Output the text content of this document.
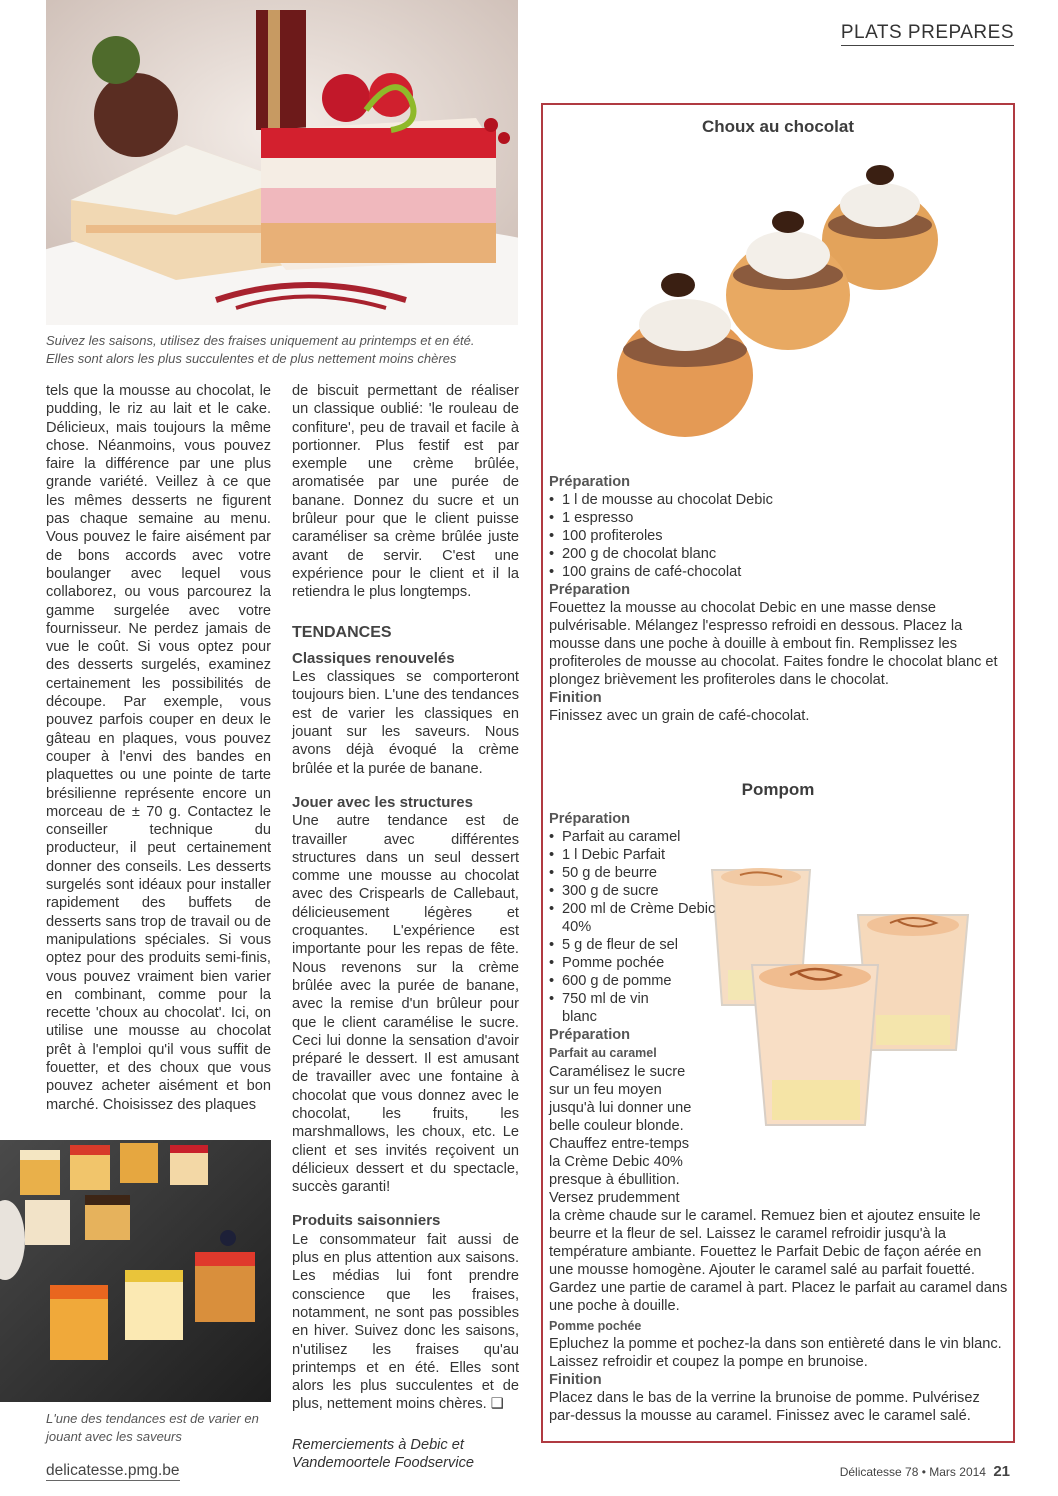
PLATS PREPARES
Suivez les saisons, utilisez des fraises uniquement au printemps et en été. Elles sont alors les plus succulentes et de plus nettement moins chères

tels que la mousse au chocolat, le pudding, le riz au lait et le cake. Délicieux, mais toujours la même chose. Néanmoins, vous pouvez faire la différence par une plus grande variété. Veillez à ce que les mêmes desserts ne figurent pas chaque semaine au menu. Vous pouvez le faire aisément par de bons accords avec votre boulanger avec lequel vous collaborez, ou vous parcourez la gamme surgelée avec votre fournisseur. Ne perdez jamais de vue le coût. Si vous optez pour des desserts surgelés, examinez certainement les possibilités de découpe. Par exemple, vous pouvez parfois couper en deux le gâteau en plaques, vous pouvez couper à l'envi des bandes en plaquettes ou une pointe de tarte brésilienne représente encore un morceau de ± 70 g. Contactez le conseiller technique du producteur, il peut certainement donner des conseils. Les desserts surgelés sont idéaux pour installer rapidement des buffets de desserts sans trop de travail ou de manipulations spéciales. Si vous optez pour des produits semi-finis, vous pouvez vraiment bien varier en combinant, comme pour la recette 'choux au chocolat'. Ici, on utilise une mousse au chocolat prêt à l'emploi qu'il vous suffit de fouetter, et des choux que vous pouvez acheter aisément et bon marché. Choisissez des plaques

L'une des tendances est de varier en jouant avec les saveurs

de biscuit permettant de réaliser un classique oublié: 'le rouleau de confiture', peu de travail et facile à portionner. Plus festif est par exemple une crème brûlée, aromatisée par une purée de banane. Donnez du sucre et un brûleur pour que le client puisse caraméliser sa crème brûlée juste avant de servir. C'est une expérience pour le client et il la retiendra le plus longtemps.

TENDANCES
Classiques renouvelés

Les classiques se comporteront toujours bien. L'une des tendances est de varier les classiques en jouant sur les saveurs. Nous avons déjà évoqué la crème brûlée et la purée de banane.

Jouer avec les structures

Une autre tendance est de travailler avec différentes structures dans un seul dessert comme une mousse au chocolat avec des Crispearls de Callebaut, délicieusement légères et croquantes. L'expérience est importante pour les repas de fête. Nous revenons sur la crème brûlée avec la purée de banane, avec la remise d'un brûleur pour que le client caramélise le sucre. Ceci lui donne la sensation d'avoir préparé le dessert. Il est amusant de travailler avec une fontaine à chocolat que vous donnez avec le chocolat, les fruits, les marshmallows, les choux, etc. Le client et ses invités reçoivent un délicieux dessert et du spectacle, succès garanti!

Produits saisonniers

Le consommateur fait aussi de plus en plus attention aux saisons. Les médias lui font prendre conscience que les fraises, notamment, ne sont pas possibles en hiver. Suivez donc les saisons, n'utilisez les fraises qu'au printemps et en été. Elles sont alors les plus succulentes et de plus, nettement moins chères. ❑

Remerciements à Debic et Vandemoortele Foodservice

Choux au chocolat
Préparation
• 1 l de mousse au chocolat Debic
• 1 espresso
• 100 profiteroles
• 200 g de chocolat blanc
• 100 grains de café-chocolat
Préparation

Fouettez la mousse au chocolat Debic en une masse dense pulvérisable. Mélangez l'espresso refroidi en dessous. Placez la mousse dans une poche à douille à embout fin. Remplissez les profiteroles de mousse au chocolat. Faites fondre le chocolat blanc et plongez brièvement les profiteroles dans le chocolat.

Finition

Finissez avec un grain de café-chocolat.

Pompom
Préparation
• Parfait au caramel
• 1 l Debic Parfait
• 50 g de beurre
• 300 g de sucre
• 200 ml de Crème Debic 40%
• 5 g de fleur de sel
• Pomme pochée
• 600 g de pomme
• 750 ml de vin blanc
Préparation
Parfait au caramel

Caramélisez le sucre sur un feu moyen jusqu'à lui donner une belle couleur blonde. Chauffez entre-temps la Crème Debic 40% presque à ébullition. Versez prudemment la crème chaude sur le caramel. Remuez bien et ajoutez ensuite le beurre et la fleur de sel. Laissez le caramel refroidir jusqu'à la température ambiante. Fouettez le Parfait Debic de façon aérée en une mousse homogène. Ajouter le caramel salé au parfait fouetté. Gardez une partie de caramel à part. Placez le parfait au caramel dans une poche à douille.

Pomme pochée

Epluchez la pomme et pochez-la dans son entièreté dans le vin blanc. Laissez refroidir et coupez la pompe en brunoise.

Finition

Placez dans le bas de la verrine la brunoise de pomme. Pulvérisez par-dessus la mousse au caramel. Finissez avec le caramel salé.

delicatesse.pmg.be	Délicatesse 78 • Mars 2014 21
